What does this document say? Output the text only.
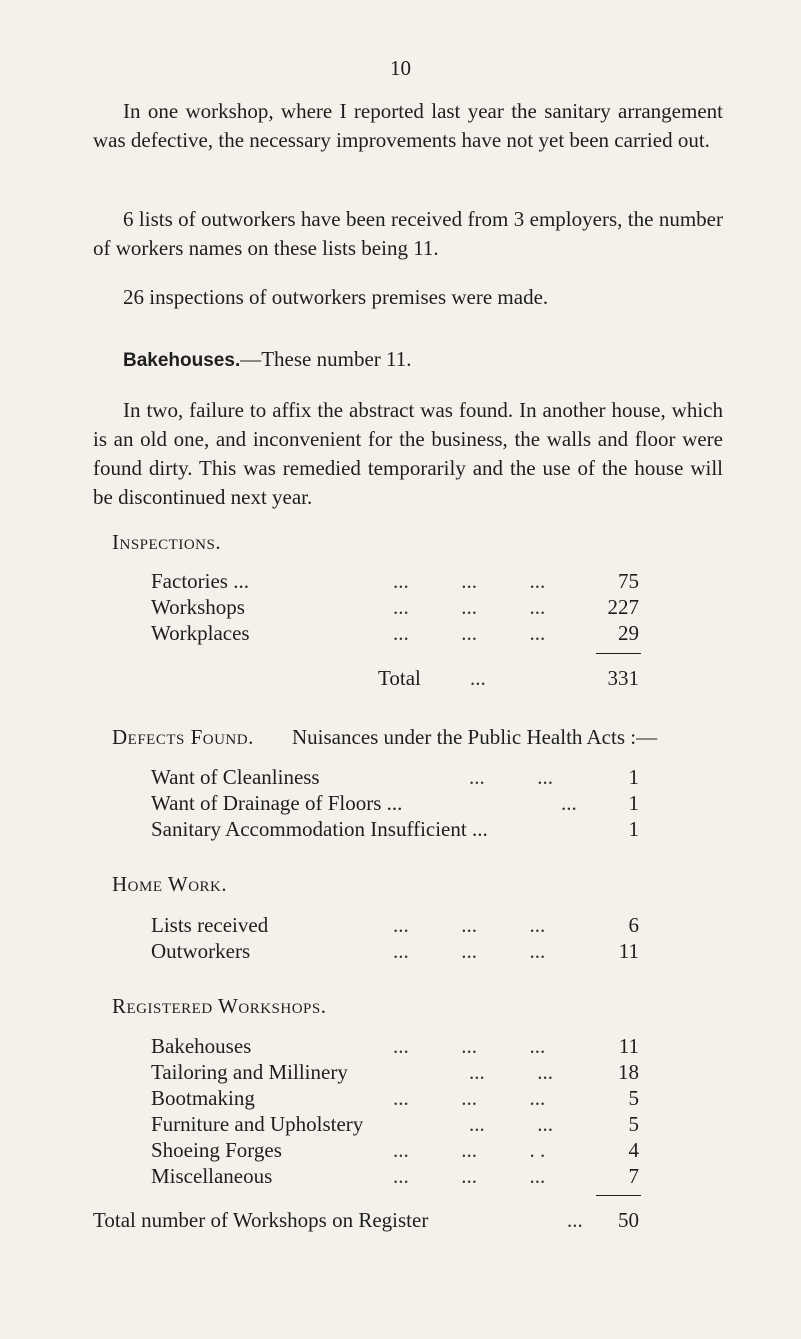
10
In one workshop, where I reported last year the sanitary arrangement was defective, the necessary improvements have not yet been carried out.
6 lists of outworkers have been received from 3 employers, the number of workers names on these lists being 11.
26 inspections of outworkers premises were made.
Bakehouses.—These number 11.
In two, failure to affix the abstract was found. In another house, which is an old one, and inconvenient for the business, the walls and floor were found dirty. This was remedied temporarily and the use of the house will be discontinued next year.
Inspections.
Factories ...	...          ...          ...	75
Workshops	...          ...          ...	227
Workplaces	...          ...          ...	29
Total ...	331
Defects Found. Nuisances under the Public Health Acts :—
Want of Cleanliness	...          ...	1
Want of Drainage of Floors ...	... 1
Sanitary Accommodation Insufficient ...	1
Home Work.
Lists received	...          ...          ...	6
Outworkers	...          ...          ...	11
Registered Workshops.
Bakehouses	...          ...          ...	11
Tailoring and Millinery	...          ...	18
Bootmaking	...          ...          ...	5
Furniture and Upholstery	...          ...	5
Shoeing Forges	...          ...          . .	4
Miscellaneous	...          ...          ...	7
Total number of Workshops on Register	... 50
